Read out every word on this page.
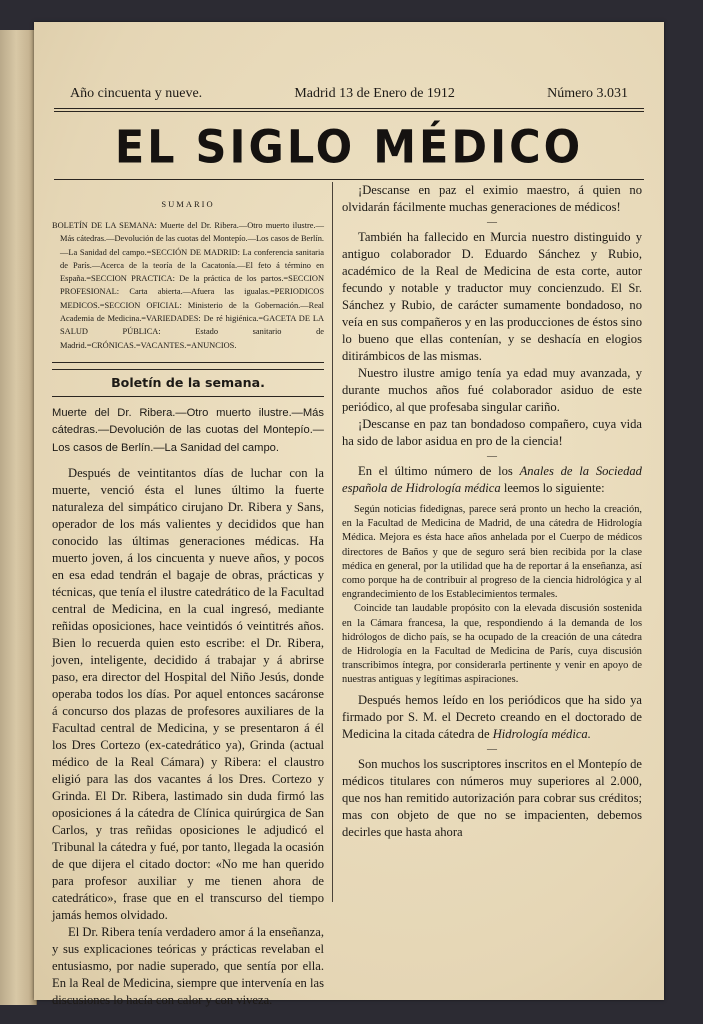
Año cincuenta y nueve.	Madrid 13 de Enero de 1912	Número 3.031
EL SIGLO MÉDICO
SUMARIO
BOLETÍN DE LA SEMANA: Muerte del Dr. Ribera.—Otro muerto ilustre.—Más cátedras.—Devolución de las cuotas del Montepío.—Los casos de Berlín.—La Sanidad del campo.=SECCIÓN DE MADRID: La conferencia sanitaria de París.—Acerca de la teoría de la Cacatonía.—El feto á término en España.=SECCION PRACTICA: De la práctica de los partos.=SECCION PROFESIONAL: Carta abierta.—Afuera las igualas.=PERIODICOS MEDICOS.=SECCION OFICIAL: Ministerio de la Gobernación.—Real Academia de Medicina.=VARIEDADES: De ré higiénica.=GACETA DE LA SALUD PÚBLICA: Estado sanitario de Madrid.=CRÓNICAS.=VACANTES.=ANUNCIOS.
Boletín de la semana.
Muerte del Dr. Ribera.—Otro muerto ilustre.—Más cátedras.—Devolución de las cuotas del Montepío.—Los casos de Berlín.—La Sanidad del campo.

Después de veintitantos días de luchar con la muerte, venció ésta el lunes último la fuerte naturaleza del simpático cirujano Dr. Ribera y Sans, operador de los más valientes y decididos que han conocido las últimas generaciones médicas. Ha muerto joven, á los cincuenta y nueve años, y pocos en esa edad tendrán el bagaje de obras, prácticas y técnicas, que tenía el ilustre catedrático de la Facultad central de Medicina, en la cual ingresó, mediante reñidas oposiciones, hace veintidós ó veintitrés años. Bien lo recuerda quien esto escribe: el Dr. Ribera, joven, inteligente, decidido á trabajar y á abrirse paso, era director del Hospital del Niño Jesús, donde operaba todos los días. Por aquel entonces sacáronse á concurso dos plazas de profesores auxiliares de la Facultad central de Medicina, y se presentaron á él los Dres Cortezo (ex-catedrático ya), Grinda (actual médico de la Real Cámara) y Ribera: el claustro eligió para las dos vacantes á los Dres. Cortezo y Grinda. El Dr. Ribera, lastimado sin duda firmó las oposiciones á la cátedra de Clínica quirúrgica de San Carlos, y tras reñidas oposiciones le adjudicó el Tribunal la cátedra y fué, por tanto, llegada la ocasión de que dijera el citado doctor: «No me han querido para profesor auxiliar y me tienen ahora de catedrático», frase que en el transcurso del tiempo jamás hemos olvidado.

El Dr. Ribera tenía verdadero amor á la enseñanza, y sus explicaciones teóricas y prácticas revelaban el entusiasmo, por nadie superado, que sentía por ella. En la Real de Medicina, siempre que intervenía en las discusiones lo hacía con calor y con viveza.

¡Descanse en paz el eximio maestro, á quien no olvidarán fácilmente muchas generaciones de médicos!

—

También ha fallecido en Murcia nuestro distinguido y antiguo colaborador D. Eduardo Sánchez y Rubio, académico de la Real de Medicina de esta corte, autor fecundo y notable y traductor muy concienzudo. El Sr. Sánchez y Rubio, de carácter sumamente bondadoso, no veía en sus compañeros y en las producciones de éstos sino lo bueno que ellas contenían, y se deshacía en elogios ditirámbicos de las mismas.

Nuestro ilustre amigo tenía ya edad muy avanzada, y durante muchos años fué colaborador asiduo de este periódico, al que profesaba singular cariño.

¡Descanse en paz tan bondadoso compañero, cuya vida ha sido de labor asidua en pro de la ciencia!

—

En el último número de los Anales de la Sociedad española de Hidrología médica leemos lo siguiente:

Según noticias fidedignas, parece será pronto un hecho la creación, en la Facultad de Medicina de Madrid, de una cátedra de Hidrología Médica. Mejora es ésta hace años anhelada por el Cuerpo de médicos directores de Baños y que de seguro será bien recibida por la clase médica en general, por la utilidad que ha de reportar á la enseñanza, así como porque ha de contribuir al progreso de la ciencia hidrológica y al engrandecimiento de los Establecimientos termales.

Coincide tan laudable propósito con la elevada discusión sostenida en la Cámara francesa, la que, respondiendo á la demanda de los hidrólogos de dicho país, se ha ocupado de la creación de una cátedra de Hidrología en la Facultad de Medicina de París, cuya discusión transcribimos íntegra, por considerarla pertinente y venir en apoyo de nuestras antiguas y legítimas aspiraciones.

Después hemos leído en los periódicos que ha sido ya firmado por S. M. el Decreto creando en el doctorado de Medicina la citada cátedra de Hidrología médica.

—

Son muchos los suscriptores inscritos en el Montepío de médicos titulares con números muy superiores al 2.000, que nos han remitido autorización para cobrar sus créditos; mas con objeto de que no se impacienten, debemos decirles que hasta ahora
